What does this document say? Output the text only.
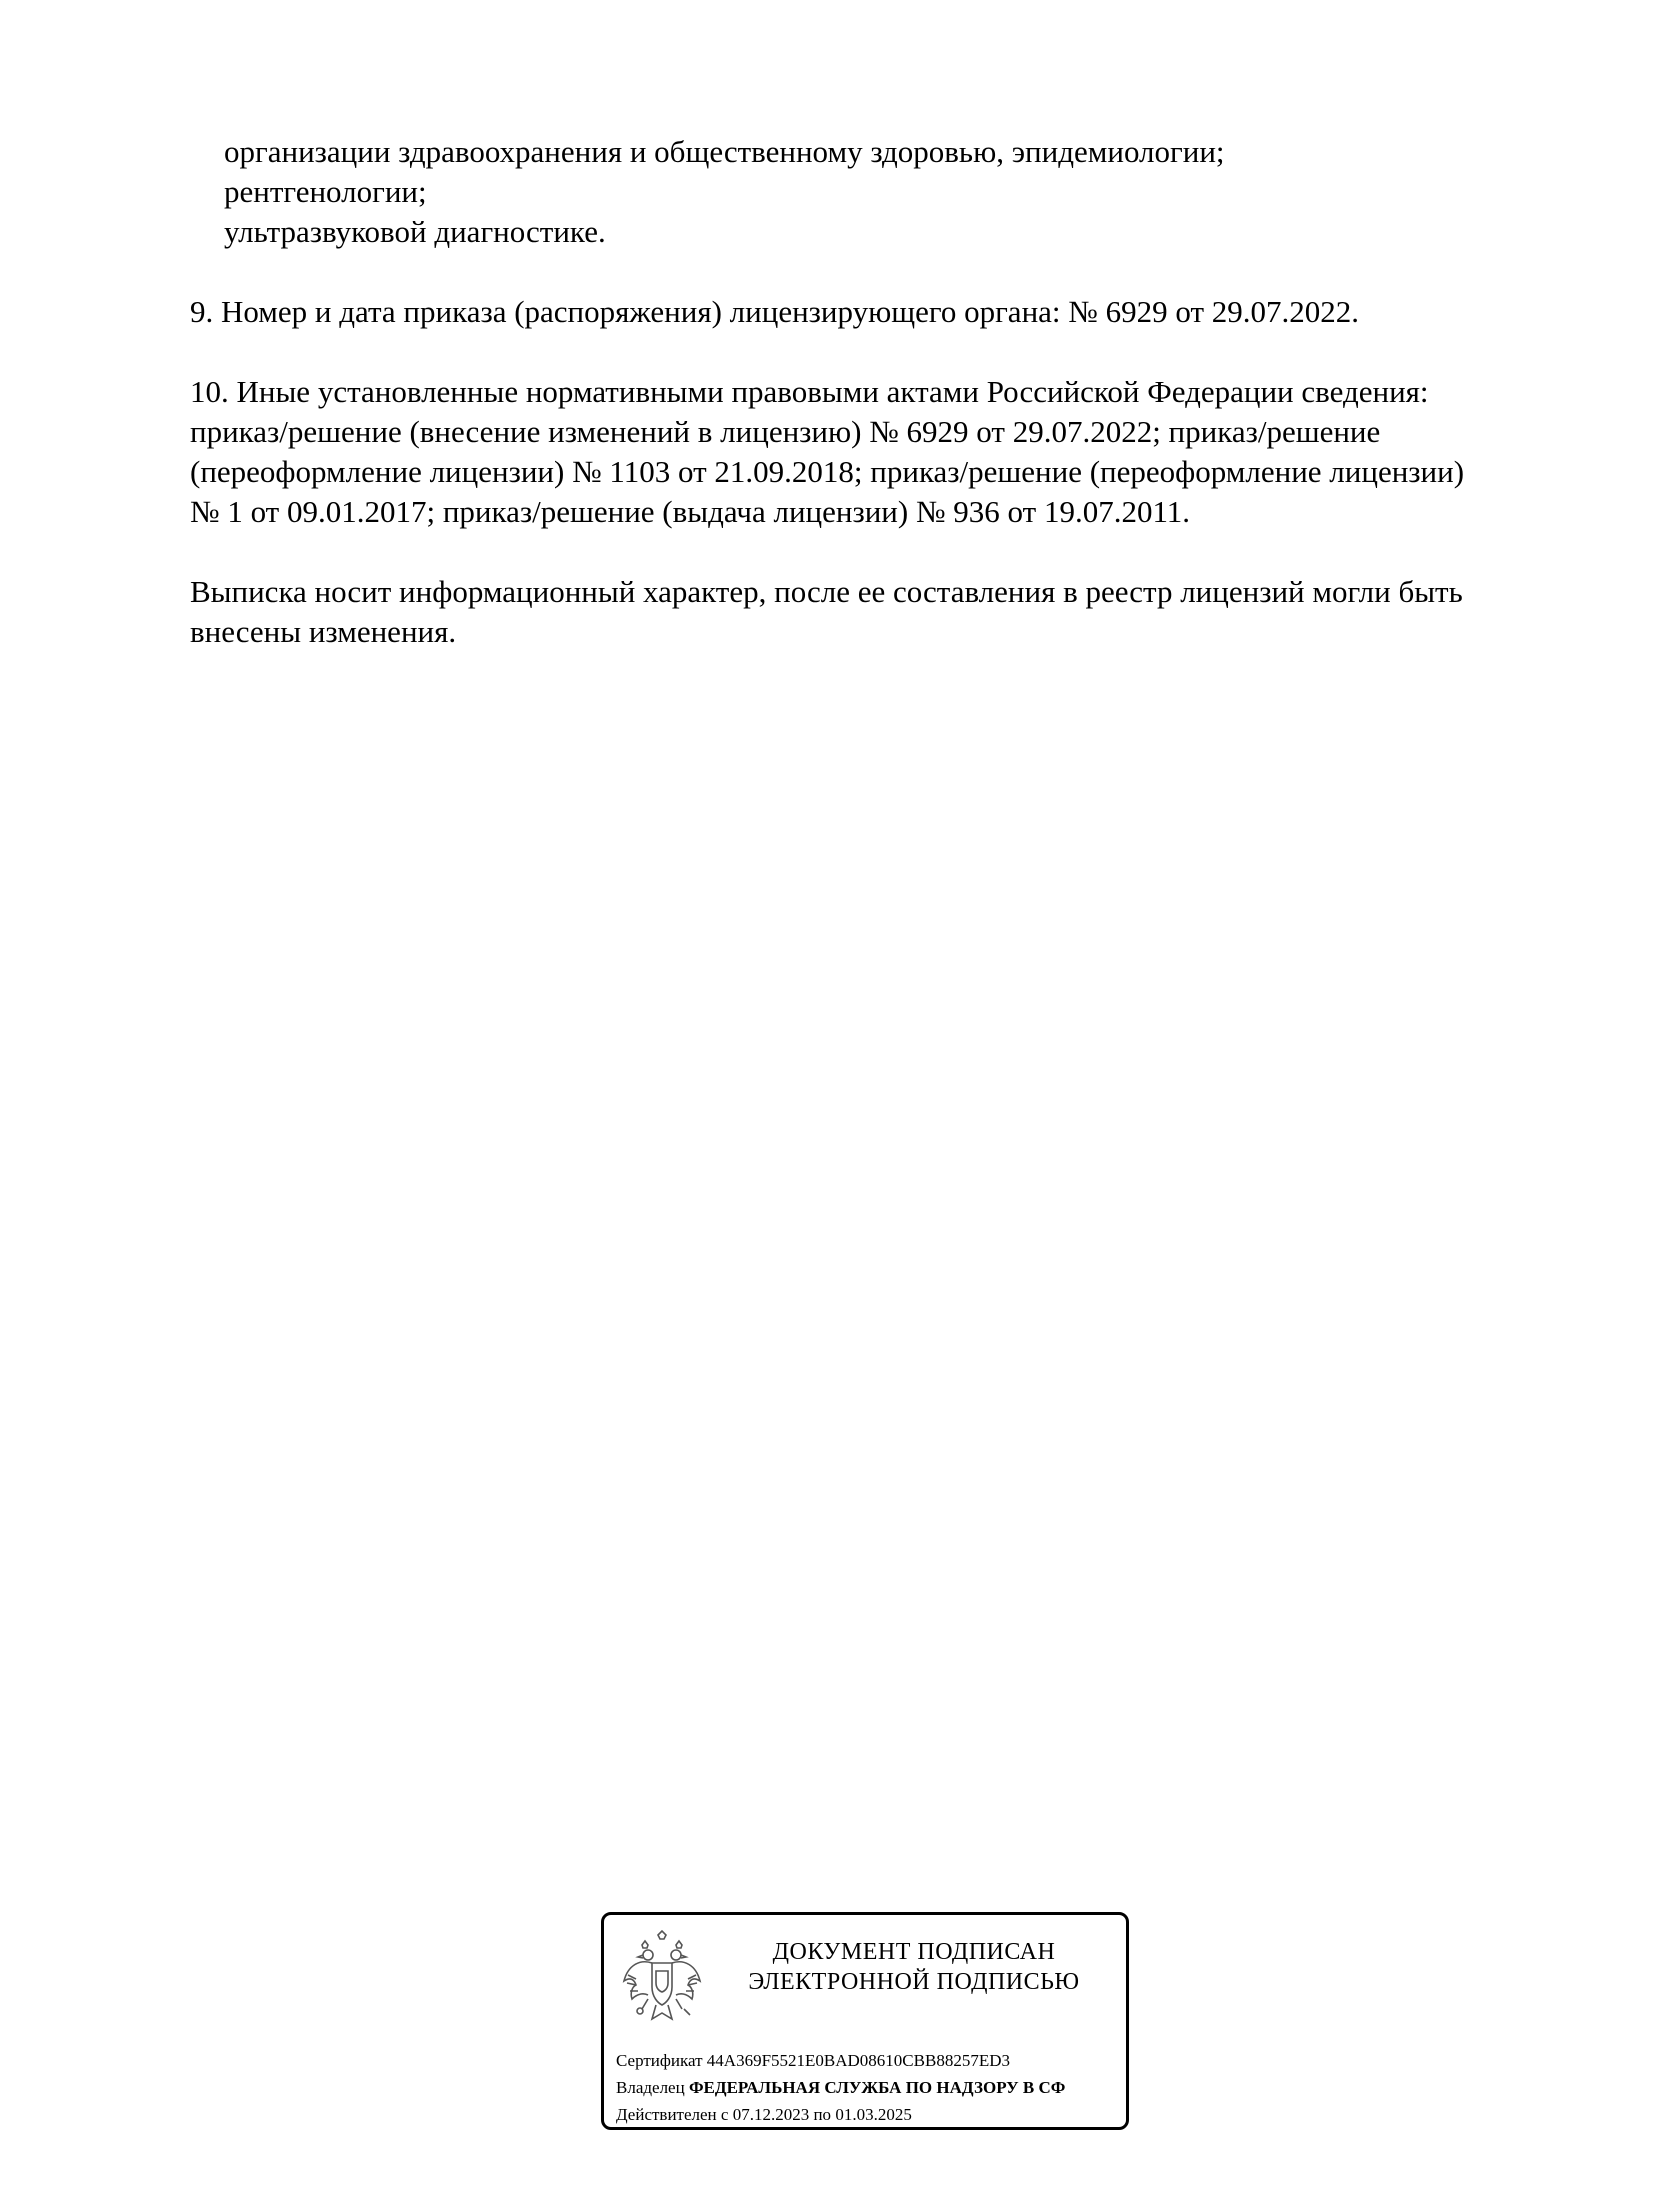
организации здравоохранения и общественному здоровью, эпидемиологии;
рентгенологии;
ультразвуковой диагностике.
9. Номер и дата приказа (распоряжения) лицензирующего органа: № 6929 от 29.07.2022.
10. Иные установленные нормативными правовыми актами Российской Федерации сведения:
приказ/решение (внесение изменений в лицензию) № 6929 от 29.07.2022; приказ/решение
(переоформление лицензии) № 1103 от 21.09.2018; приказ/решение (переоформление лицензии)
№ 1 от 09.01.2017; приказ/решение (выдача лицензии) № 936 от 19.07.2011.
Выписка носит информационный характер, после ее составления в реестр лицензий могли быть
внесены изменения.
ДОКУМЕНТ ПОДПИСАН
ЭЛЕКТРОННОЙ ПОДПИСЬЮ
Сертификат 44A369F5521E0BAD08610CBB88257ED3
Владелец ФЕДЕРАЛЬНАЯ СЛУЖБА ПО НАДЗОРУ В СФ
Действителен с 07.12.2023 по 01.03.2025
